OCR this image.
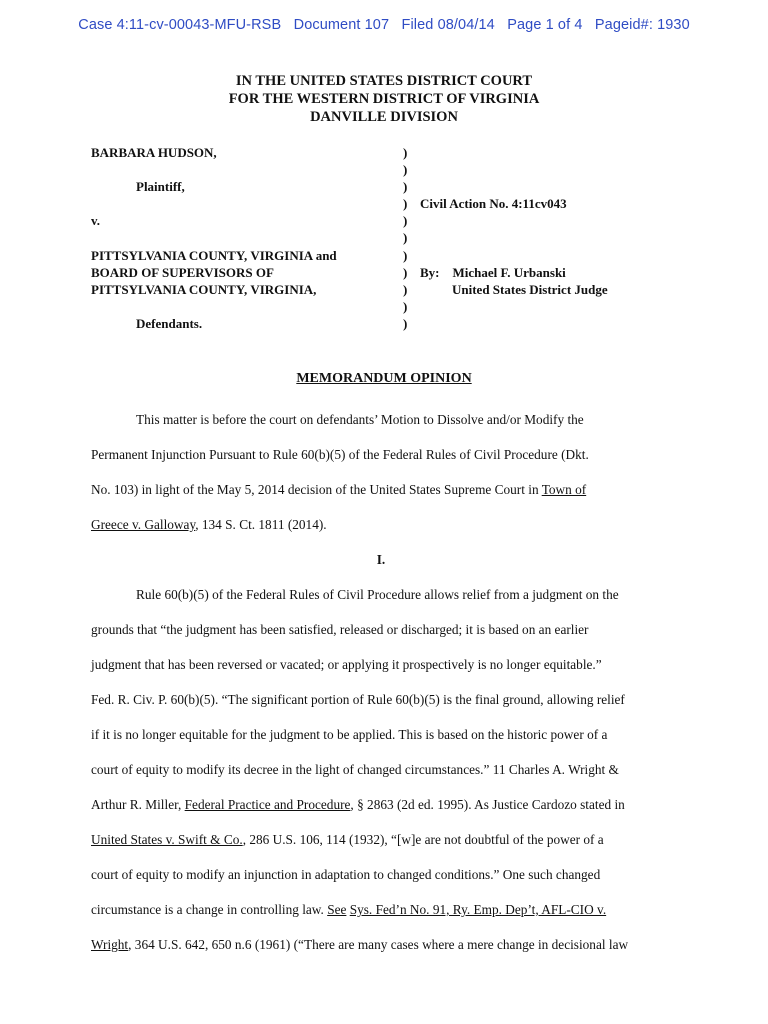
Case 4:11-cv-00043-MFU-RSB Document 107 Filed 08/04/14 Page 1 of 4 Pageid#: 1930
IN THE UNITED STATES DISTRICT COURT
FOR THE WESTERN DISTRICT OF VIRGINIA
DANVILLE DIVISION
BARBARA HUDSON,
Plaintiff,
v.
PITTSYLVANIA COUNTY, VIRGINIA and
BOARD OF SUPERVISORS OF
PITTSYLVANIA COUNTY, VIRGINIA,
Defendants.
)
)
)
)
)
)
)
)
)
)
)
Civil Action No. 4:11cv043
By: Michael F. Urbanski
United States District Judge
MEMORANDUM OPINION

This matter is before the court on defendants’ Motion to Dissolve and/or Modify the
Permanent Injunction Pursuant to Rule 60(b)(5) of the Federal Rules of Civil Procedure (Dkt.
No. 103) in light of the May 5, 2014 decision of the United States Supreme Court in Town of
Greece v. Galloway, 134 S. Ct. 1811 (2014).

I.

Rule 60(b)(5) of the Federal Rules of Civil Procedure allows relief from a judgment on the
grounds that “the judgment has been satisfied, released or discharged; it is based on an earlier
judgment that has been reversed or vacated; or applying it prospectively is no longer equitable.”
Fed. R. Civ. P. 60(b)(5). “The significant portion of Rule 60(b)(5) is the final ground, allowing relief
if it is no longer equitable for the judgment to be applied. This is based on the historic power of a
court of equity to modify its decree in the light of changed circumstances.” 11 Charles A. Wright &
Arthur R. Miller, Federal Practice and Procedure, § 2863 (2d ed. 1995). As Justice Cardozo stated in
United States v. Swift & Co., 286 U.S. 106, 114 (1932), “[w]e are not doubtful of the power of a
court of equity to modify an injunction in adaptation to changed conditions.” One such changed
circumstance is a change in controlling law. See Sys. Fed’n No. 91, Ry. Emp. Dep’t, AFL-CIO v.
Wright, 364 U.S. 642, 650 n.6 (1961) (“There are many cases where a mere change in decisional law
